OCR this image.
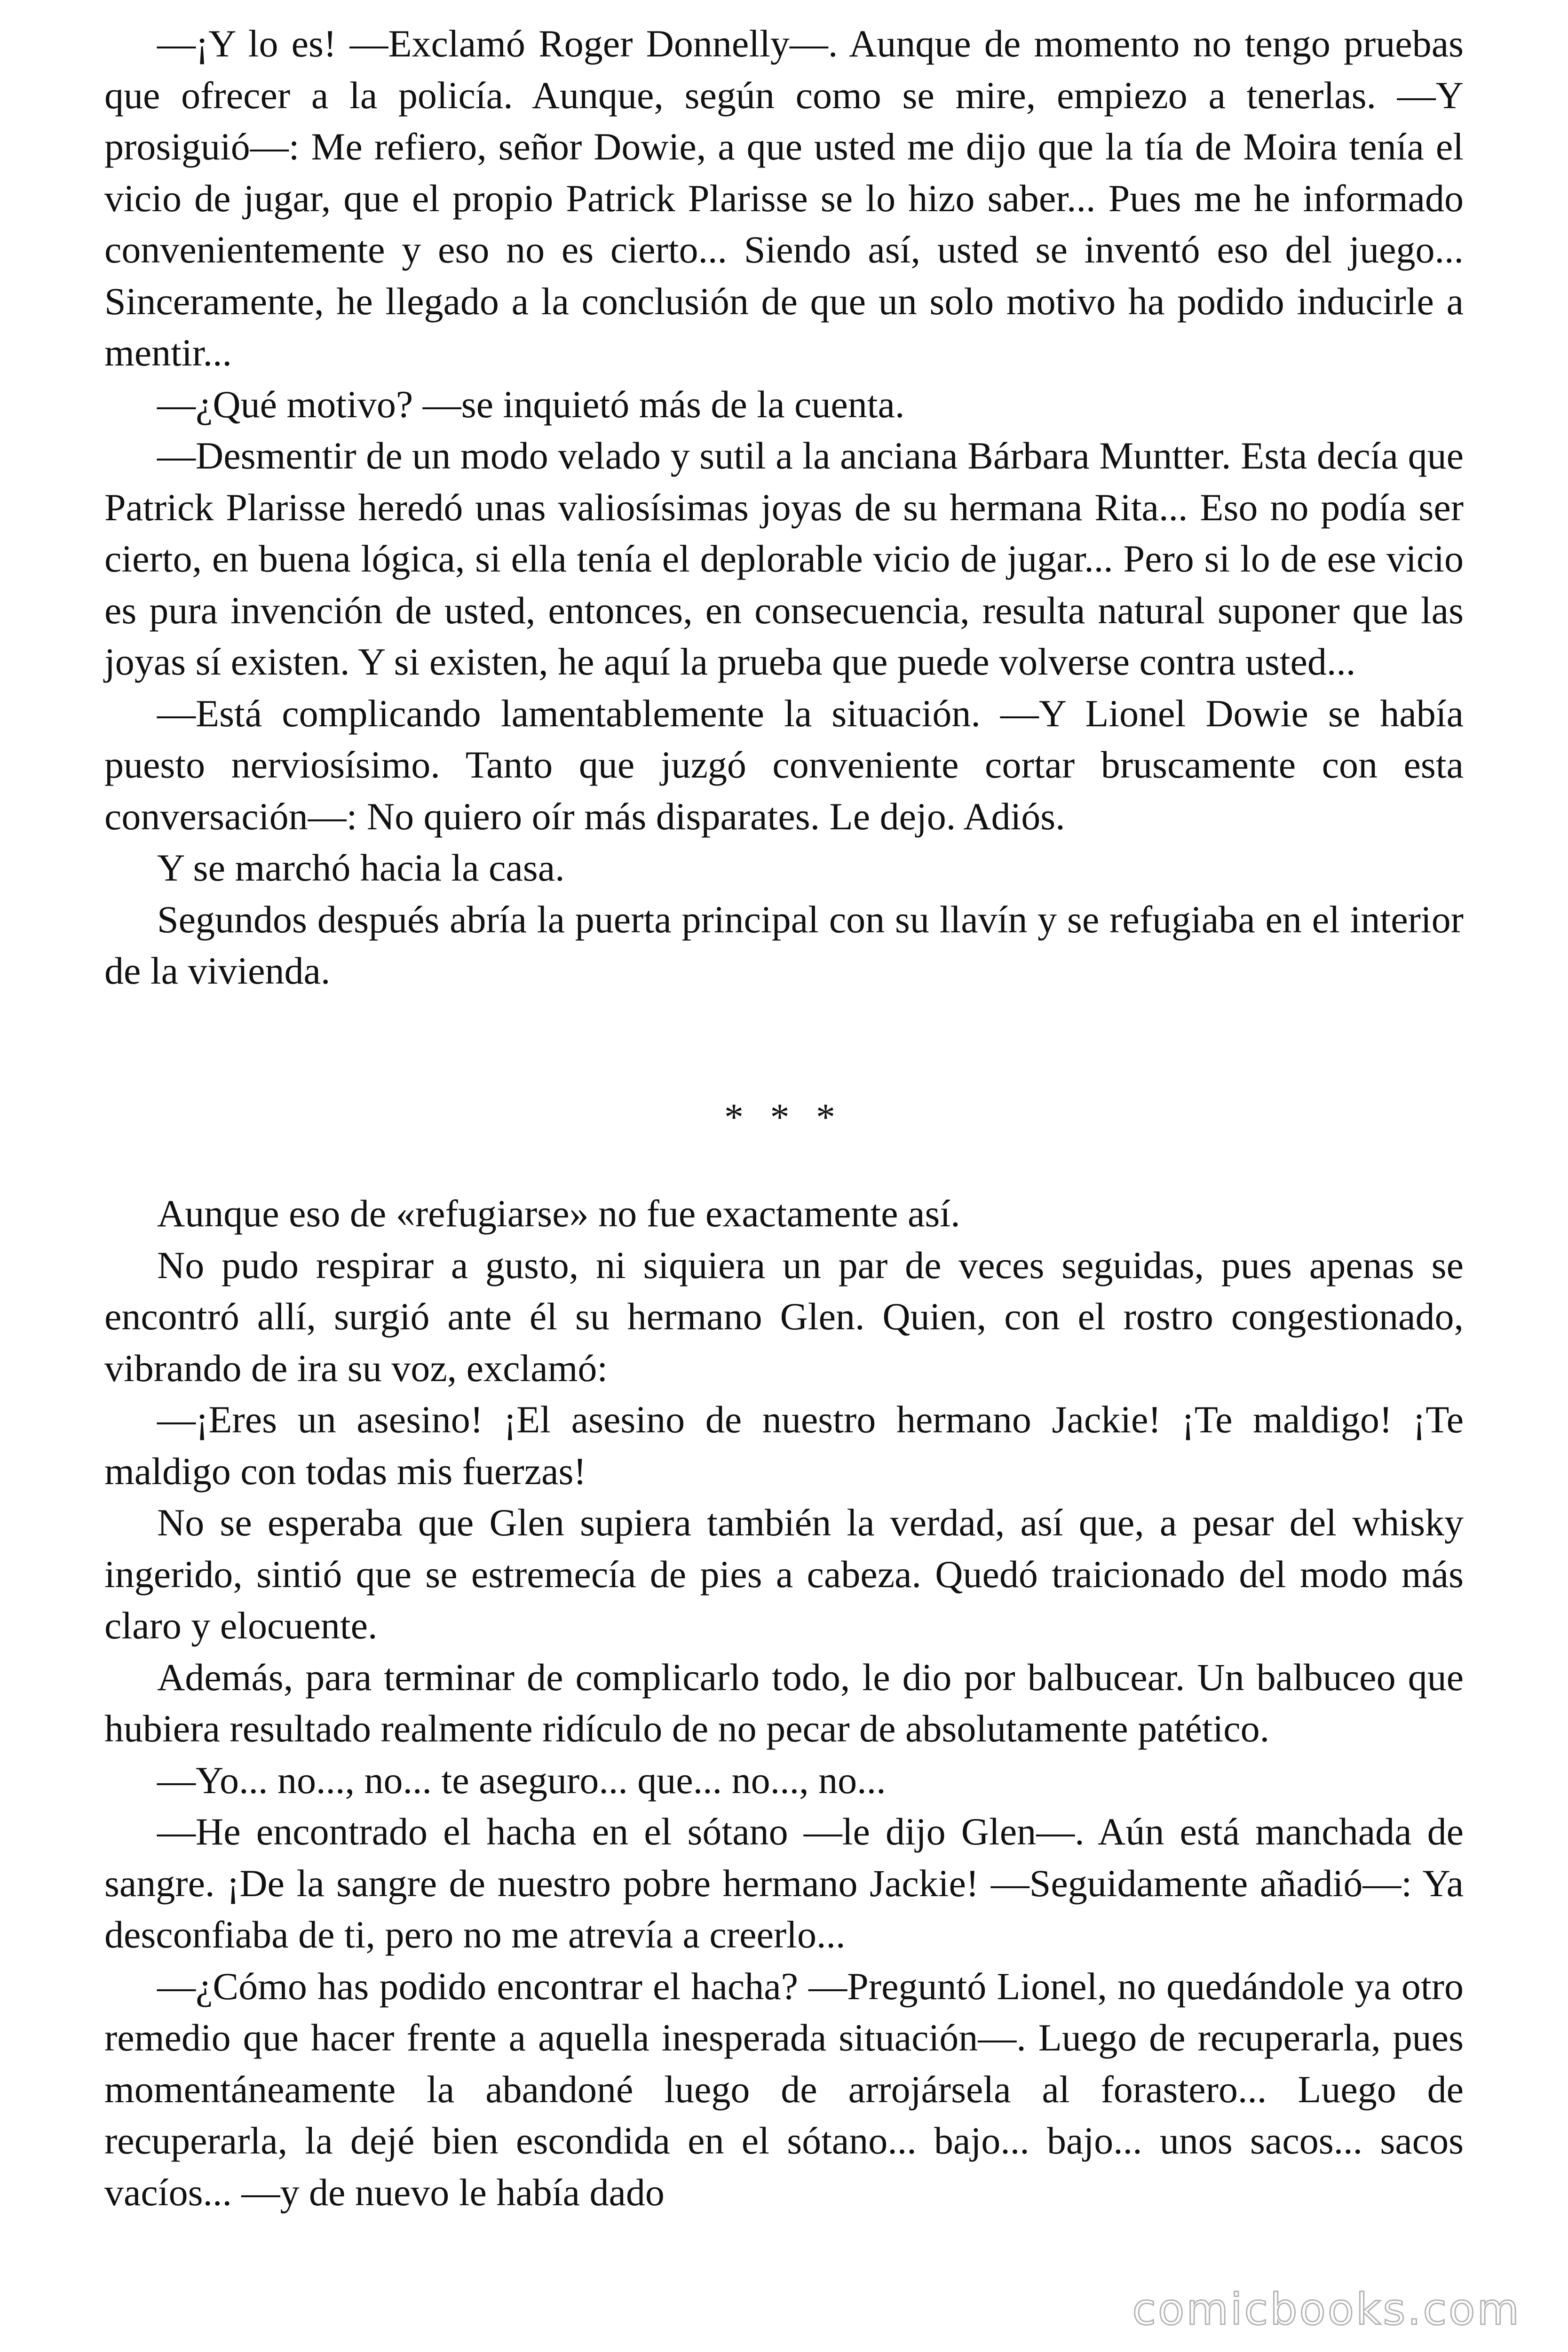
—¡Y lo es! —Exclamó Roger Donnelly—. Aunque de momento no tengo pruebas que ofrecer a la policía. Aunque, según como se mire, empiezo a tenerlas. —Y prosiguió—: Me refiero, señor Dowie, a que usted me dijo que la tía de Moira tenía el vicio de jugar, que el propio Patrick Plarisse se lo hizo saber... Pues me he informado convenientemente y eso no es cierto... Siendo así, usted se inventó eso del juego... Sinceramente, he llegado a la conclusión de que un solo motivo ha podido inducirle a mentir...

—¿Qué motivo? —se inquietó más de la cuenta.

—Desmentir de un modo velado y sutil a la anciana Bárbara Muntter. Esta decía que Patrick Plarisse heredó unas valiosísimas joyas de su hermana Rita... Eso no podía ser cierto, en buena lógica, si ella tenía el deplorable vicio de jugar... Pero si lo de ese vicio es pura invención de usted, entonces, en consecuencia, resulta natural suponer que las joyas sí existen. Y si existen, he aquí la prueba que puede volverse contra usted...

—Está complicando lamentablemente la situación. —Y Lionel Dowie se había puesto nerviosísimo. Tanto que juzgó conveniente cortar bruscamente con esta conversación—: No quiero oír más disparates. Le dejo. Adiós.

Y se marchó hacia la casa.

Segundos después abría la puerta principal con su llavín y se refugiaba en el interior de la vivienda.

* * *

Aunque eso de «refugiarse» no fue exactamente así.

No pudo respirar a gusto, ni siquiera un par de veces seguidas, pues apenas se encontró allí, surgió ante él su hermano Glen. Quien, con el rostro congestionado, vibrando de ira su voz, exclamó:

—¡Eres un asesino! ¡El asesino de nuestro hermano Jackie! ¡Te maldigo! ¡Te maldigo con todas mis fuerzas!

No se esperaba que Glen supiera también la verdad, así que, a pesar del whisky ingerido, sintió que se estremecía de pies a cabeza. Quedó traicionado del modo más claro y elocuente.

Además, para terminar de complicarlo todo, le dio por balbucear. Un balbuceo que hubiera resultado realmente ridículo de no pecar de absolutamente patético.

—Yo... no..., no... te aseguro... que... no..., no...

—He encontrado el hacha en el sótano —le dijo Glen—. Aún está manchada de sangre. ¡De la sangre de nuestro pobre hermano Jackie! —Seguidamente añadió—: Ya desconfiaba de ti, pero no me atrevía a creerlo...

—¿Cómo has podido encontrar el hacha? —Preguntó Lionel, no quedándole ya otro remedio que hacer frente a aquella inesperada situación—. Luego de recuperarla, pues momentáneamente la abandoné luego de arrojársela al forastero... Luego de recuperarla, la dejé bien escondida en el sótano... bajo... bajo... unos sacos... sacos vacíos... —y de nuevo le había dado

comicbooks.com
